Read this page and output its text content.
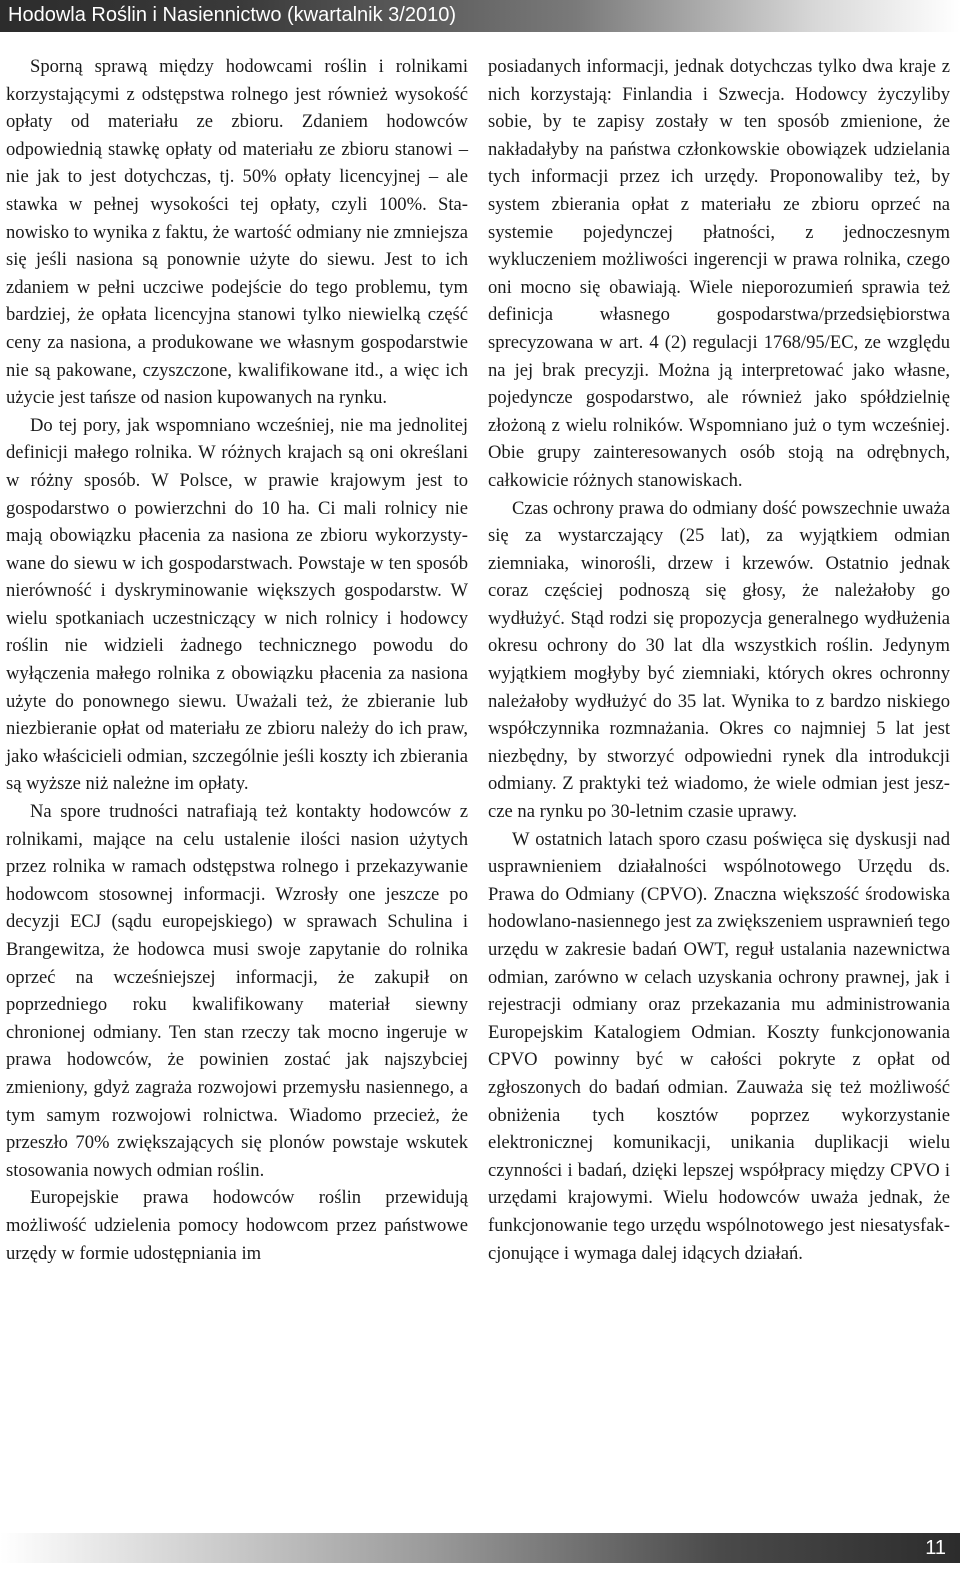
Hodowla Roślin i Nasiennictwo (kwartalnik 3/2010)

Sporną sprawą między hodowcami roślin i rolnikami korzystającymi z odstępstwa rolnego jest również wysokość opłaty od materiału ze zbioru. Zdaniem hodowców odpowiednią stawkę opłaty od materiału ze zbioru stanowi – nie jak to jest dotychczas, tj. 50% opłaty licencyjnej – ale stawka w pełnej wysokości tej opłaty, czyli 100%. Stanowisko to wynika z faktu, że wartość odmiany nie zmniejsza się jeśli nasiona są ponownie użyte do siewu. Jest to ich zdaniem w pełni uczciwe podejście do tego problemu, tym bardziej, że opłata licencyjna stanowi tylko niewielką część ceny za nasiona, a produkowane we własnym gospodarstwie nie są pakowane, czyszczone, kwalifikowane itd., a więc ich użycie jest tańsze od nasion kupowanych na rynku.

Do tej pory, jak wspomniano wcześniej, nie ma jednolitej definicji małego rolnika. W różnych krajach są oni określani w różny sposób. W Polsce, w prawie krajowym jest to gospodarstwo o powierzchni do 10 ha. Ci mali rolnicy nie mają obowiązku płacenia za nasiona ze zbioru wykorzystywane do siewu w ich gospodarstwach. Powstaje w ten sposób nierówność i dyskryminowanie większych gospodarstw. W wielu spotkaniach uczestniczący w nich rolnicy i hodowcy roślin nie widzieli żadnego technicznego powodu do wyłączenia małego rolnika z obowiązku płacenia za nasiona użyte do ponownego siewu. Uważali też, że zbieranie lub niezbieranie opłat od materiału ze zbioru należy do ich praw, jako właścicieli odmian, szczególnie jeśli koszty ich zbierania są wyższe niż należne im opłaty.

Na spore trudności natrafiają też kontakty hodowców z rolnikami, mające na celu ustalenie ilości nasion użytych przez rolnika w ramach odstępstwa rolnego i przekazywanie hodowcom stosownej informacji. Wzrosły one jeszcze po decyzji ECJ (sądu europejskiego) w sprawach Schulina i Brangewitza, że hodowca musi swoje zapytanie do rolnika oprzeć na wcześniejszej informacji, że zakupił on poprzedniego roku kwalifikowany materiał siewny chronionej odmiany. Ten stan rzeczy tak mocno ingeruje w prawa hodowców, że powinien zostać jak najszybciej zmieniony, gdyż zagraża rozwojowi przemysłu nasiennego, a tym samym rozwojowi rolnictwa. Wiadomo przecież, że przeszło 70% zwiększających się plonów powstaje wskutek stosowania nowych odmian roślin.

Europejskie prawa hodowców roślin przewidują możliwość udzielenia pomocy hodowcom przez państwowe urzędy w formie udostępniania im

posiadanych informacji, jednak dotychczas tylko dwa kraje z nich korzystają: Finlandia i Szwecja. Hodowcy życzyliby sobie, by te zapisy zostały w ten sposób zmienione, że nakładałyby na państwa członkowskie obowiązek udzielania tych informacji przez ich urzędy. Proponowaliby też, by system zbierania opłat z materiału ze zbioru oprzeć na systemie pojedynczej płatności, z jednoczesnym wykluczeniem możliwości ingerencji w prawa rolnika, czego oni mocno się obawiają. Wiele nieporozumień sprawia też definicja własnego gospodarstwa/przedsiębiorstwa sprecyzowana w art. 4 (2) regulacji 1768/95/EC, ze względu na jej brak precyzji. Można ją interpretować jako własne, pojedyncze gospodarstwo, ale również jako spółdzielnię złożoną z wielu rolników. Wspomniano już o tym wcześniej. Obie grupy zainteresowanych osób stoją na odrębnych, całkowicie różnych stanowiskach.

Czas ochrony prawa do odmiany dość powszechnie uważa się za wystarczający (25 lat), za wyjątkiem odmian ziemniaka, winorośli, drzew i krzewów. Ostatnio jednak coraz częściej podnoszą się głosy, że należałoby go wydłużyć. Stąd rodzi się propozycja generalnego wydłużenia okresu ochrony do 30 lat dla wszystkich roślin. Jedynym wyjątkiem mogłyby być ziemniaki, których okres ochronny należałoby wydłużyć do 35 lat. Wynika to z bardzo niskiego współczynnika rozmnażania. Okres co najmniej 5 lat jest niezbędny, by stworzyć odpowiedni rynek dla introdukcji odmiany. Z praktyki też wiadomo, że wiele odmian jest jeszcze na rynku po 30-letnim czasie uprawy.

W ostatnich latach sporo czasu poświęca się dyskusji nad usprawnieniem działalności wspólnotowego Urzędu ds. Prawa do Odmiany (CPVO). Znaczna większość środowiska hodowlano-nasiennego jest za zwiększeniem usprawnień tego urzędu w zakresie badań OWT, reguł ustalania nazewnictwa odmian, zarówno w celach uzyskania ochrony prawnej, jak i rejestracji odmiany oraz przekazania mu administrowania Europejskim Katalogiem Odmian. Koszty funkcjonowania CPVO powinny być w całości pokryte z opłat od zgłoszonych do badań odmian. Zauważa się też możliwość obniżenia tych kosztów poprzez wykorzystanie elektronicznej komunikacji, unikania duplikacji wielu czynności i badań, dzięki lepszej współpracy między CPVO i urzędami krajowymi. Wielu hodowców uważa jednak, że funkcjonowanie tego urzędu wspólnotowego jest niesatysfakcjonujące i wymaga dalej idących działań.

11
